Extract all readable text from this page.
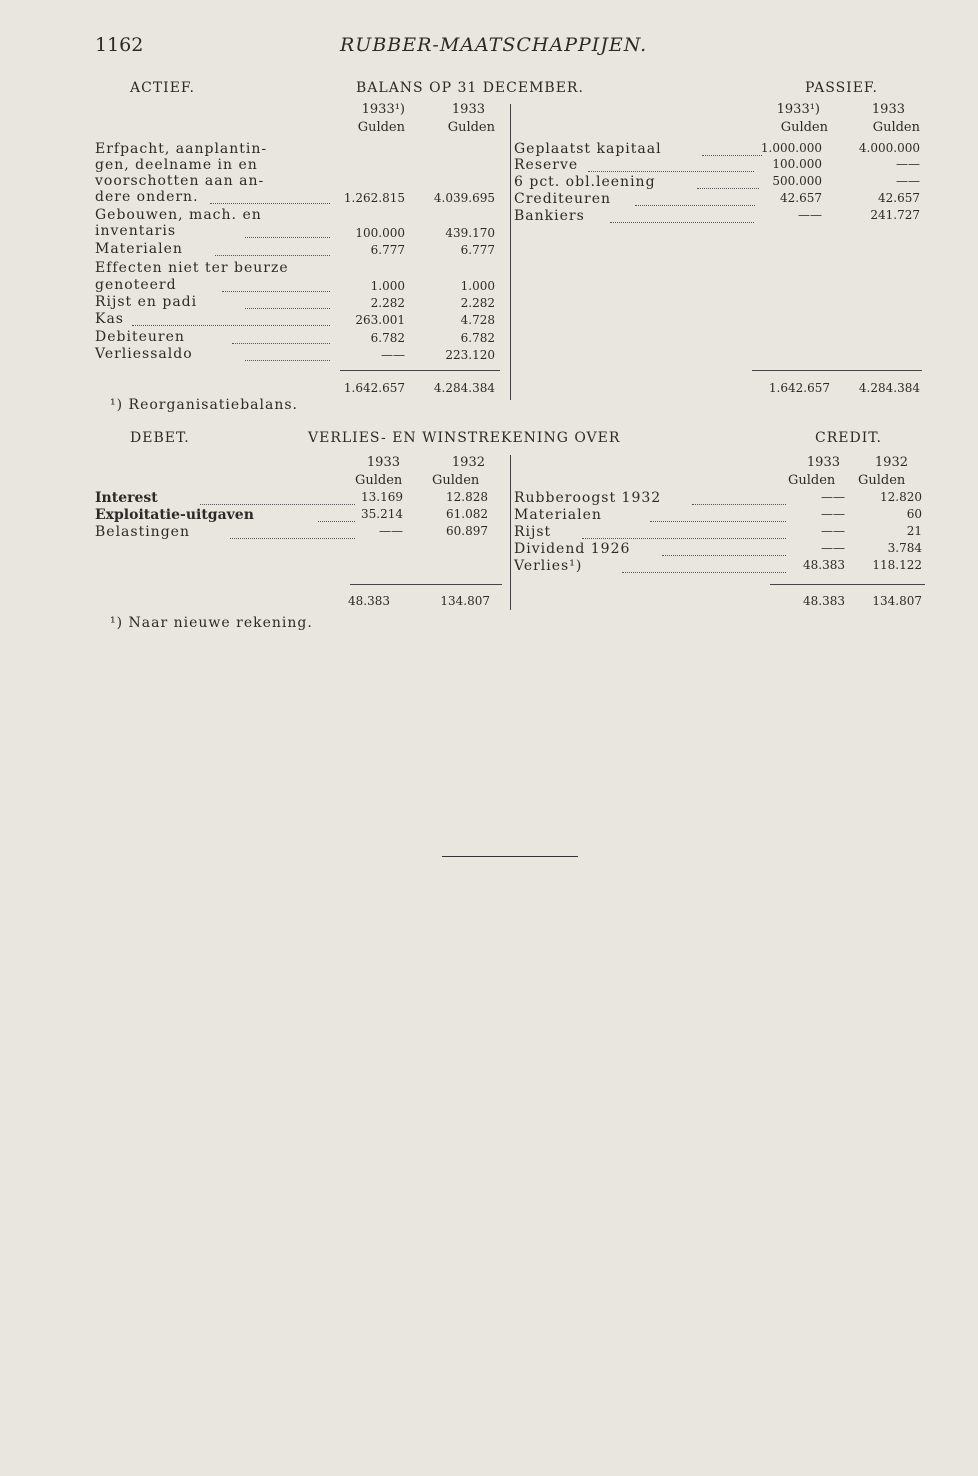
1162	RUBBER-MAATSCHAPPIJEN.
ACTIEF.	BALANS OP 31 DECEMBER.	PASSIEF.
1933¹)	1933
Gulden	Gulden
1933¹)	1933
Gulden	Gulden
Erfpacht, aanplantin-
gen, deelname in en
voorschotten aan an-
dere ondern.	1.262.815	4.039.695
Gebouwen, mach. en
inventaris	100.000	439.170
Materialen	6.777	6.777
Effecten niet ter beurze
genoteerd	1.000	1.000
Rijst en padi	2.282	2.282
Kas	263.001	4.728
Debiteuren	6.782	6.782
Verliessaldo	——	223.120
1.642.657	4.284.384
Geplaatst kapitaal	1.000.000	4.000.000
Reserve	100.000	——
6 pct. obl.leening	500.000	——
Crediteuren	42.657	42.657
Bankiers	——	241.727
1.642.657	4.284.384
¹) Reorganisatiebalans.
DEBET.	VERLIES- EN WINSTREKENING OVER	CREDIT.
1933	1932
Gulden	Gulden
1933	1932
Gulden	Gulden
Interest	13.169	12.828
Exploitatie-uitgaven	35.214	61.082
Belastingen	——	60.897
48.383	134.807
Rubberoogst 1932	——	12.820
Materialen	——	60
Rijst	——	21
Dividend 1926	——	3.784
Verlies¹)	48.383	118.122
48.383	134.807
¹) Naar nieuwe rekening.
